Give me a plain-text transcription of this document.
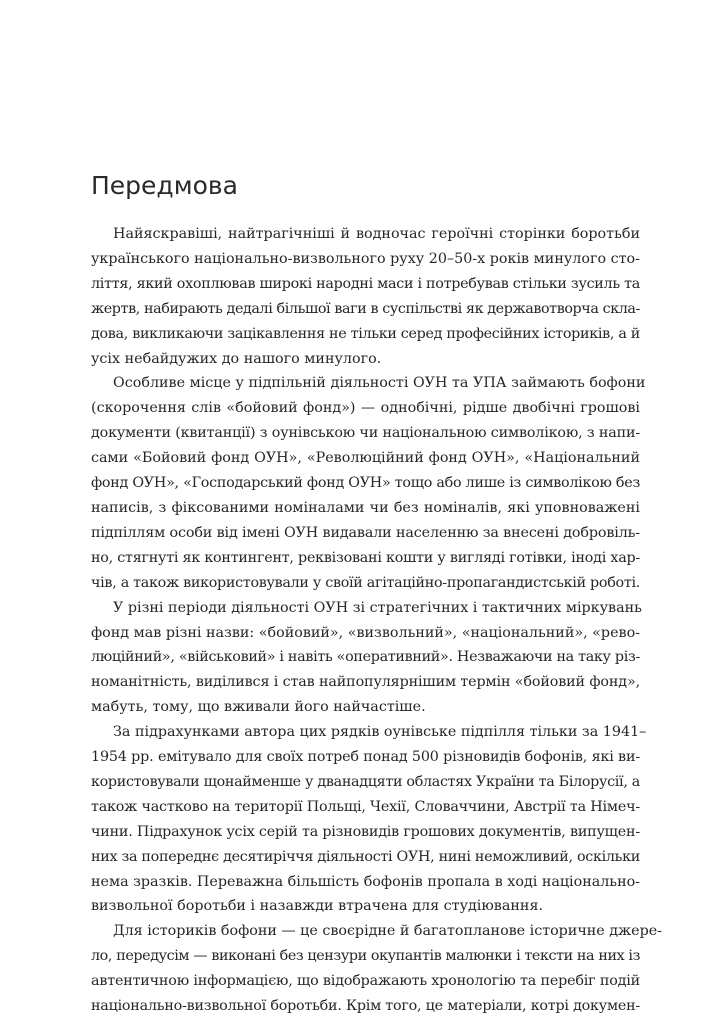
Передмова

Найяскравіші, найтрагічніші й водночас героїчні сторінки боротьби
українського національно-визвольного руху 20–50-х років минулого сто-
ліття, який охоплював широкі народні маси і потребував стільки зусиль та
жертв, набирають дедалі більшої ваги в суспільстві як державотворча скла-
дова, викликаючи зацікавлення не тільки серед професійних істориків, а й
усіх небайдужих до нашого минулого.

Особливе місце у підпільній діяльності ОУН та УПА займають бофони
(скорочення слів «бойовий фонд») — однобічні, рідше двобічні грошові
документи (квитанції) з оунівською чи національною символікою, з напи-
сами «Бойовий фонд ОУН», «Революційний фонд ОУН», «Національний
фонд ОУН», «Господарський фонд ОУН» тощо або лише із символікою без
написів, з фіксованими номіналами чи без номіналів, які уповноважені
підпіллям особи від імені ОУН видавали населенню за внесені добровіль-
но, стягнуті як контингент, реквізовані кошти у вигляді готівки, іноді хар-
чів, а також використовували у своїй агітаційно-пропагандистській роботі.

У різні періоди діяльності ОУН зі стратегічних і тактичних міркувань
фонд мав різні назви: «бойовий», «визвольний», «національний», «рево-
люційний», «військовий» і навіть «оперативний». Незважаючи на таку різ-
номанітність, виділився і став найпопулярнішим термін «бойовий фонд»,
мабуть, тому, що вживали його найчастіше.

За підрахунками автора цих рядків оунівське підпілля тільки за 1941–
1954 рр. емітувало для своїх потреб понад 500 різновидів бофонів, які ви-
користовували щонайменше у дванадцяти областях України та Білорусії, а
також частково на території Польщі, Чехії, Словаччини, Австрії та Німеч-
чини. Підрахунок усіх серій та різновидів грошових документів, випущен-
них за попереднє десятиріччя діяльності ОУН, нині неможливий, оскільки
нема зразків. Переважна більшість бофонів пропала в ході національно-
визвольної боротьби і назавжди втрачена для студіювання.

Для істориків бофони — це своєрідне й багатопланове історичне джере-
ло, передусім — виконані без цензури окупантів малюнки і тексти на них із
автентичною інформацією, що відображають хронологію та перебіг подій
національно-визвольної боротьби. Крім того, це матеріали, котрі докумен-
